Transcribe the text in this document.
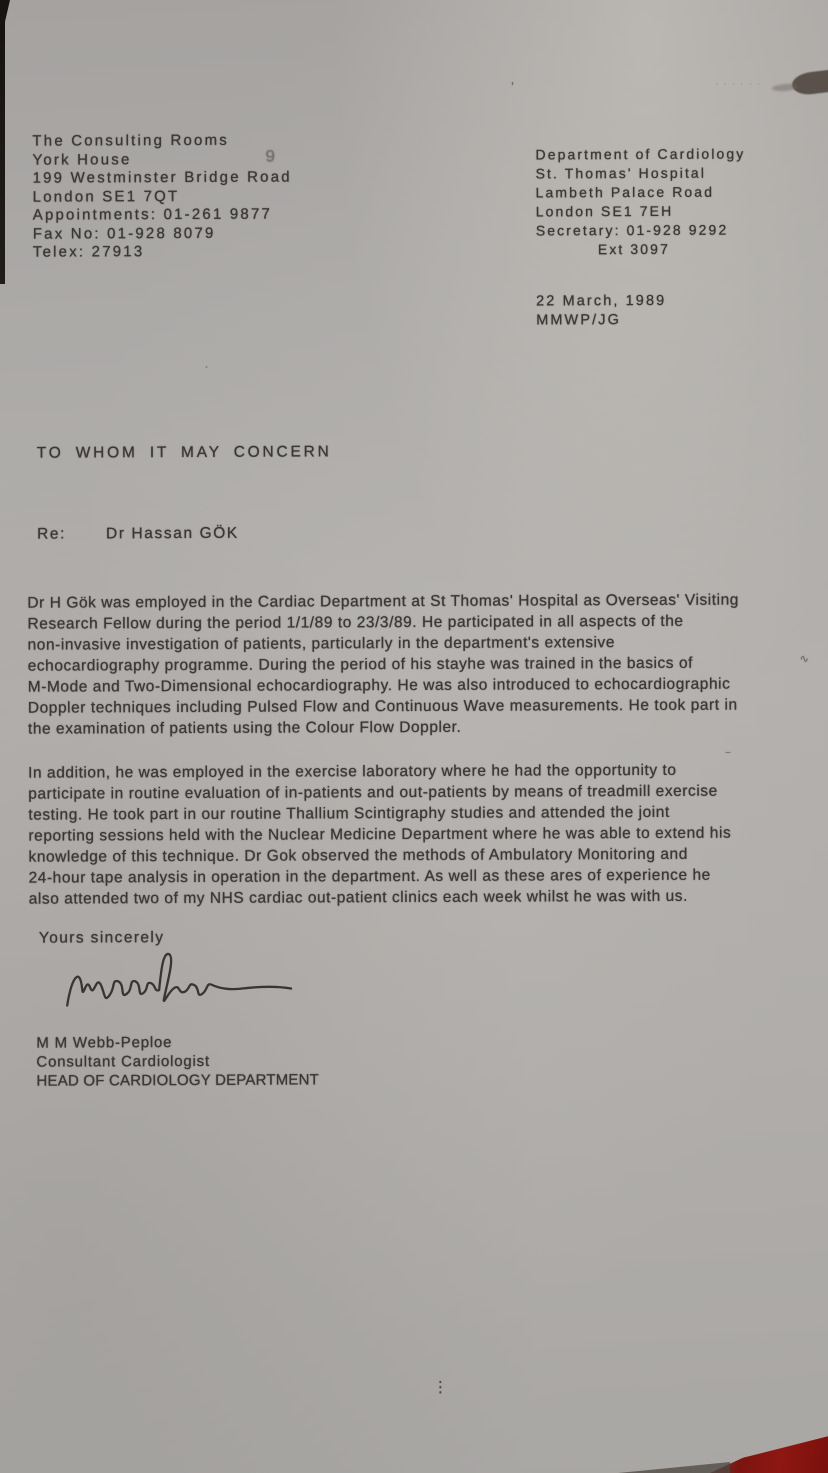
9
⋮
ʼ	······
∿
‾
ˏ
The Consulting Rooms
York House
199 Westminster Bridge Road
London SE1 7QT
Appointments: 01-261 9877
Fax No: 01-928 8079
Telex: 27913
Department of Cardiology
St. Thomas' Hospital
Lambeth Palace Road
London SE1 7EH
Secretary: 01-928 9292
Ext 3097
22 March, 1989
MMWP/JG
TO WHOM IT MAY CONCERN
Re:	Dr Hassan GÖK
Dr H Gök was employed in the Cardiac Department at St Thomas' Hospital as Overseas' Visiting
Research Fellow during the period 1/1/89 to 23/3/89. He participated in all aspects of the
non-invasive investigation of patients, particularly in the department's extensive
echocardiography programme. During the period of his stayhe was trained in the basics of
M-Mode and Two-Dimensional echocardiography. He was also introduced to echocardiographic
Doppler techniques including Pulsed Flow and Continuous Wave measurements. He took part in
the examination of patients using the Colour Flow Doppler.
In addition, he was employed in the exercise laboratory where he had the opportunity to
participate in routine evaluation of in-patients and out-patients by means of treadmill exercise
testing. He took part in our routine Thallium Scintigraphy studies and attended the joint
reporting sessions held with the Nuclear Medicine Department where he was able to extend his
knowledge of this technique. Dr Gok observed the methods of Ambulatory Monitoring and
24-hour tape analysis in operation in the department. As well as these ares of experience he
also attended two of my NHS cardiac out-patient clinics each week whilst he was with us.
Yours sincerely
M M Webb-Peploe
Consultant Cardiologist
HEAD OF CARDIOLOGY DEPARTMENT
